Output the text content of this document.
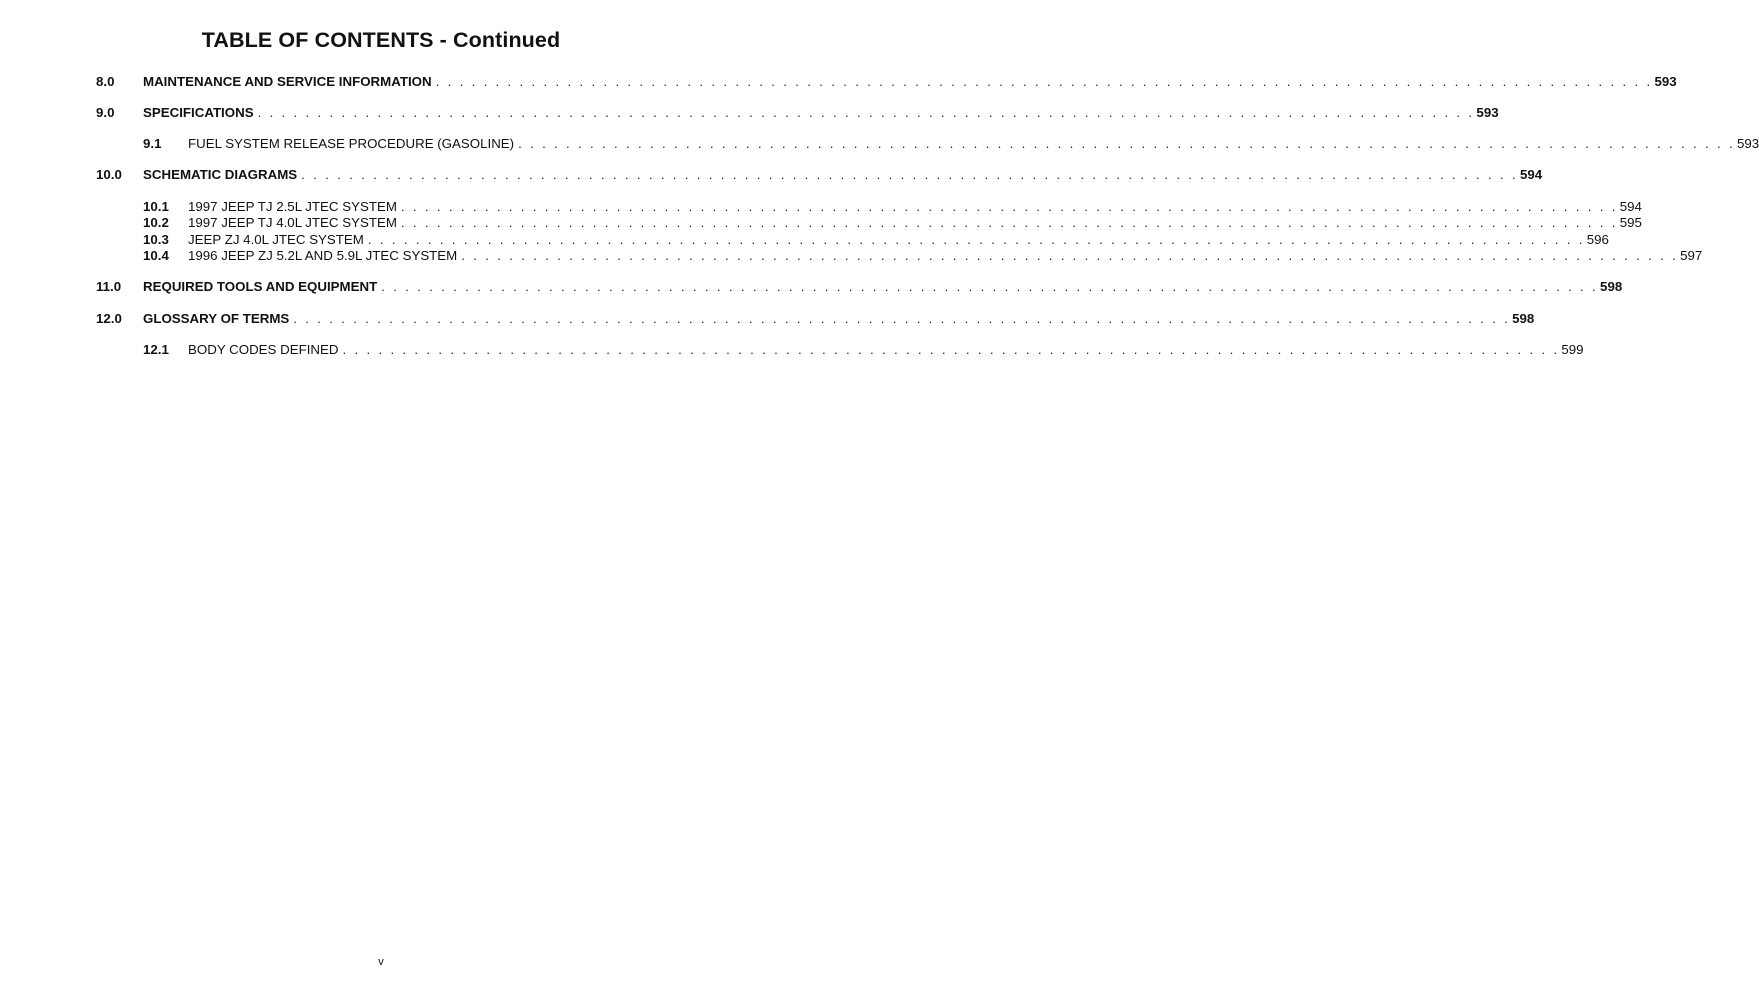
TABLE OF CONTENTS - Continued
8.0 MAINTENANCE AND SERVICE INFORMATION . . . . . . . . . . . . . . . . . . . . . . . . . . . . . . . . . . . . . . . . . . . . . . . . . . . . . . . . . . . . . . . . . . . . . . . . . . . . . . . . . . . . . . . . . . . . . . . . . . . . . . 593
9.0 SPECIFICATIONS . . . . . . . . . . . . . . . . . . . . . . . . . . . . . . . . . . . . . . . . . . . . . . . . . . . . . . . . . . . . . . . . . . . . . . . . . . . . . . . . . . . . . . . . . . . . . . . . . . . . . . 593
9.1 FUEL SYSTEM RELEASE PROCEDURE (GASOLINE) . . . . . . . . . . . . . . . . . . . . . . . . . . . . . . . . . . . . . . . . . . . . . . . . . . . . . . . . . . . . . . . . . . . . . . . . . . . . . . . . . . . . . . . . . . . . . . . . . . . . . . 593
10.0 SCHEMATIC DIAGRAMS . . . . . . . . . . . . . . . . . . . . . . . . . . . . . . . . . . . . . . . . . . . . . . . . . . . . . . . . . . . . . . . . . . . . . . . . . . . . . . . . . . . . . . . . . . . . . . . . . . . . . . 594
10.1 1997 JEEP TJ 2.5L JTEC SYSTEM . . . . . . . . . . . . . . . . . . . . . . . . . . . . . . . . . . . . . . . . . . . . . . . . . . . . . . . . . . . . . . . . . . . . . . . . . . . . . . . . . . . . . . . . . . . . . . . . . . . . . . 594
10.2 1997 JEEP TJ 4.0L JTEC SYSTEM . . . . . . . . . . . . . . . . . . . . . . . . . . . . . . . . . . . . . . . . . . . . . . . . . . . . . . . . . . . . . . . . . . . . . . . . . . . . . . . . . . . . . . . . . . . . . . . . . . . . . . 595
10.3 JEEP ZJ 4.0L JTEC SYSTEM . . . . . . . . . . . . . . . . . . . . . . . . . . . . . . . . . . . . . . . . . . . . . . . . . . . . . . . . . . . . . . . . . . . . . . . . . . . . . . . . . . . . . . . . . . . . . . . . . . . . . . 596
10.4 1996 JEEP ZJ 5.2L AND 5.9L JTEC SYSTEM . . . . . . . . . . . . . . . . . . . . . . . . . . . . . . . . . . . . . . . . . . . . . . . . . . . . . . . . . . . . . . . . . . . . . . . . . . . . . . . . . . . . . . . . . . . . . . . . . . . . . . 597
11.0 REQUIRED TOOLS AND EQUIPMENT . . . . . . . . . . . . . . . . . . . . . . . . . . . . . . . . . . . . . . . . . . . . . . . . . . . . . . . . . . . . . . . . . . . . . . . . . . . . . . . . . . . . . . . . . . . . . . . . . . . . . . 598
12.0 GLOSSARY OF TERMS . . . . . . . . . . . . . . . . . . . . . . . . . . . . . . . . . . . . . . . . . . . . . . . . . . . . . . . . . . . . . . . . . . . . . . . . . . . . . . . . . . . . . . . . . . . . . . . . . . . . . . 598
12.1 BODY CODES DEFINED . . . . . . . . . . . . . . . . . . . . . . . . . . . . . . . . . . . . . . . . . . . . . . . . . . . . . . . . . . . . . . . . . . . . . . . . . . . . . . . . . . . . . . . . . . . . . . . . . . . . . . 599
v
